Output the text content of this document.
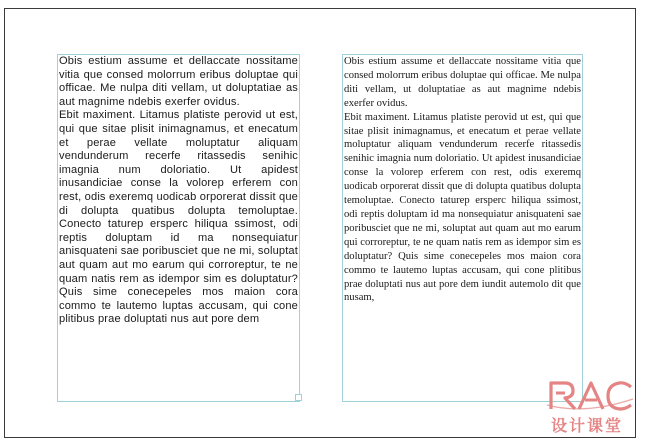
Obis estium assume et dellaccate nossitame vitia que consed molorrum eribus doluptae qui officae. Me nulpa diti vellam, ut doluptatiae as aut magnime ndebis exerfer ovidus.

Ebit maximent. Litamus platiste perovid ut est, qui que sitae plisit inimagnamus, et enecatum et perae vellate moluptatur aliquam vendunderum recerfe ritassedis senihic imagnia num doloriatio. Ut apidest inusandiciae conse la volorep erferem con rest, odis exeremq uodicab orporerat dissit que di dolupta quatibus dolupta temoluptae. Conecto taturep ersperc hiliqua ssimost, odi reptis doluptam id ma nonsequiatur anisquateni sae poribusciet que ne mi, soluptat aut quam aut mo earum qui corroreptur, te ne quam natis rem as idempor sim es doluptatur? Quis sime conecepeles mos maion cora commo te lautemo luptas accusam, qui cone plitibus prae doluptati nus aut pore dem

Obis estium assume et dellaccate nossitame vitia que consed molorrum eribus doluptae qui officae. Me nulpa diti vellam, ut doluptatiae as aut magnime ndebis exerfer ovidus.

Ebit maximent. Litamus platiste perovid ut est, qui que sitae plisit inimagnamus, et enecatum et perae vellate moluptatur aliquam vendunderum recerfe ritassedis senihic imagnia num doloriatio. Ut apidest inusandiciae conse la volorep erferem con rest, odis exeremq uodicab orporerat dissit que di dolupta quatibus dolupta temoluptae. Conecto taturep ersperc hiliqua ssimost, odi reptis doluptam id ma nonsequiatur anisquateni sae poribusciet que ne mi, soluptat aut quam aut mo earum qui corroreptur, te ne quam natis rem as idempor sim es doluptatur? Quis sime conecepeles mos maion cora commo te lautemo luptas accusam, qui cone plitibus prae doluptati nus aut pore dem iundit autemolo dit que nusam,

设计课堂
